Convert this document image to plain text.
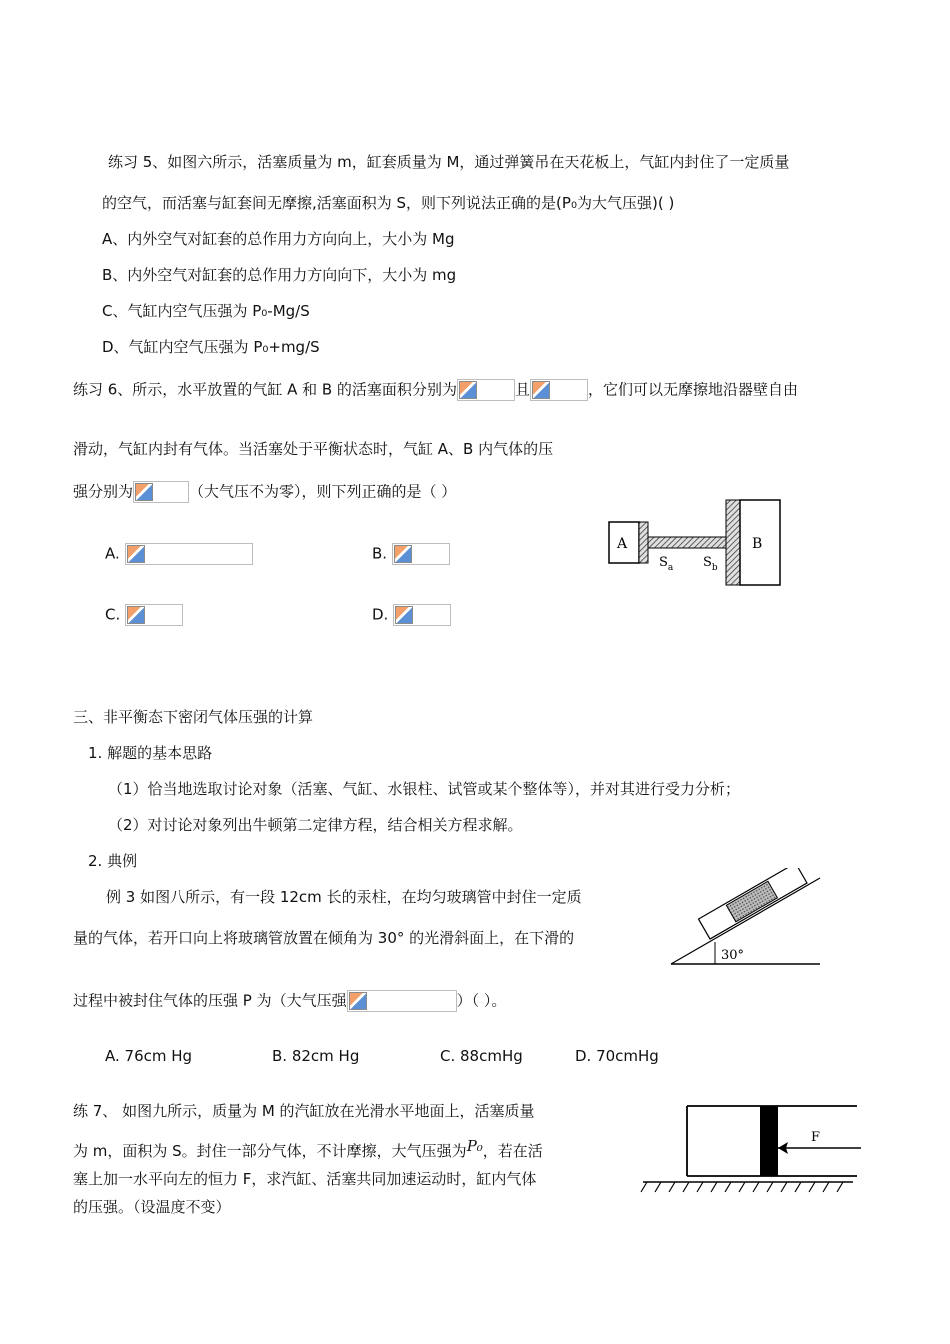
练习 5、如图六所示，活塞质量为 m，缸套质量为 M，通过弹簧吊在天花板上，气缸内封住了一定质量
的空气，而活塞与缸套间无摩擦,活塞面积为 S，则下列说法正确的是(P₀为大气压强)( )
A、内外空气对缸套的总作用力方向向上，大小为 Mg
B、内外空气对缸套的总作用力方向向下，大小为 mg
C、气缸内空气压强为 P₀-Mg/S
D、气缸内空气压强为 P₀+mg/S
练习 6、所示，水平放置的气缸 A 和 B 的活塞面积分别为	且	，它们可以无摩擦地沿器壁自由
滑动，气缸内封有气体。当活塞处于平衡状态时，气缸 A、B 内气体的压
强分别为	（大气压不为零），则下列正确的是（ ）
A.	B.
C.	D.
A	B
$S_a$ $S_b$
三、非平衡态下密闭气体压强的计算
1. 解题的基本思路
（1）恰当地选取讨论对象（活塞、气缸、水银柱、试管或某个整体等），并对其进行受力分析；
（2）对讨论对象列出牛顿第二定律方程，结合相关方程求解。
2. 典例
例 3 如图八所示，有一段 12cm 长的汞柱，在均匀玻璃管中封住一定质
量的气体，若开口向上将玻璃管放置在倾角为 30° 的光滑斜面上，在下滑的
过程中被封住气体的压强 P 为（大气压强	）（ ）。
A. 76cm Hg	B. 82cm Hg	C. 88cmHg	D. 70cmHg
30°
练 7、 如图九所示，质量为 M 的汽缸放在光滑水平地面上，活塞质量
为 m，面积为 S。封住一部分气体，不计摩擦，大气压强为P₀，若在活
塞上加一水平向左的恒力 F，求汽缸、活塞共同加速运动时，缸内气体
的压强。（设温度不变）
F
